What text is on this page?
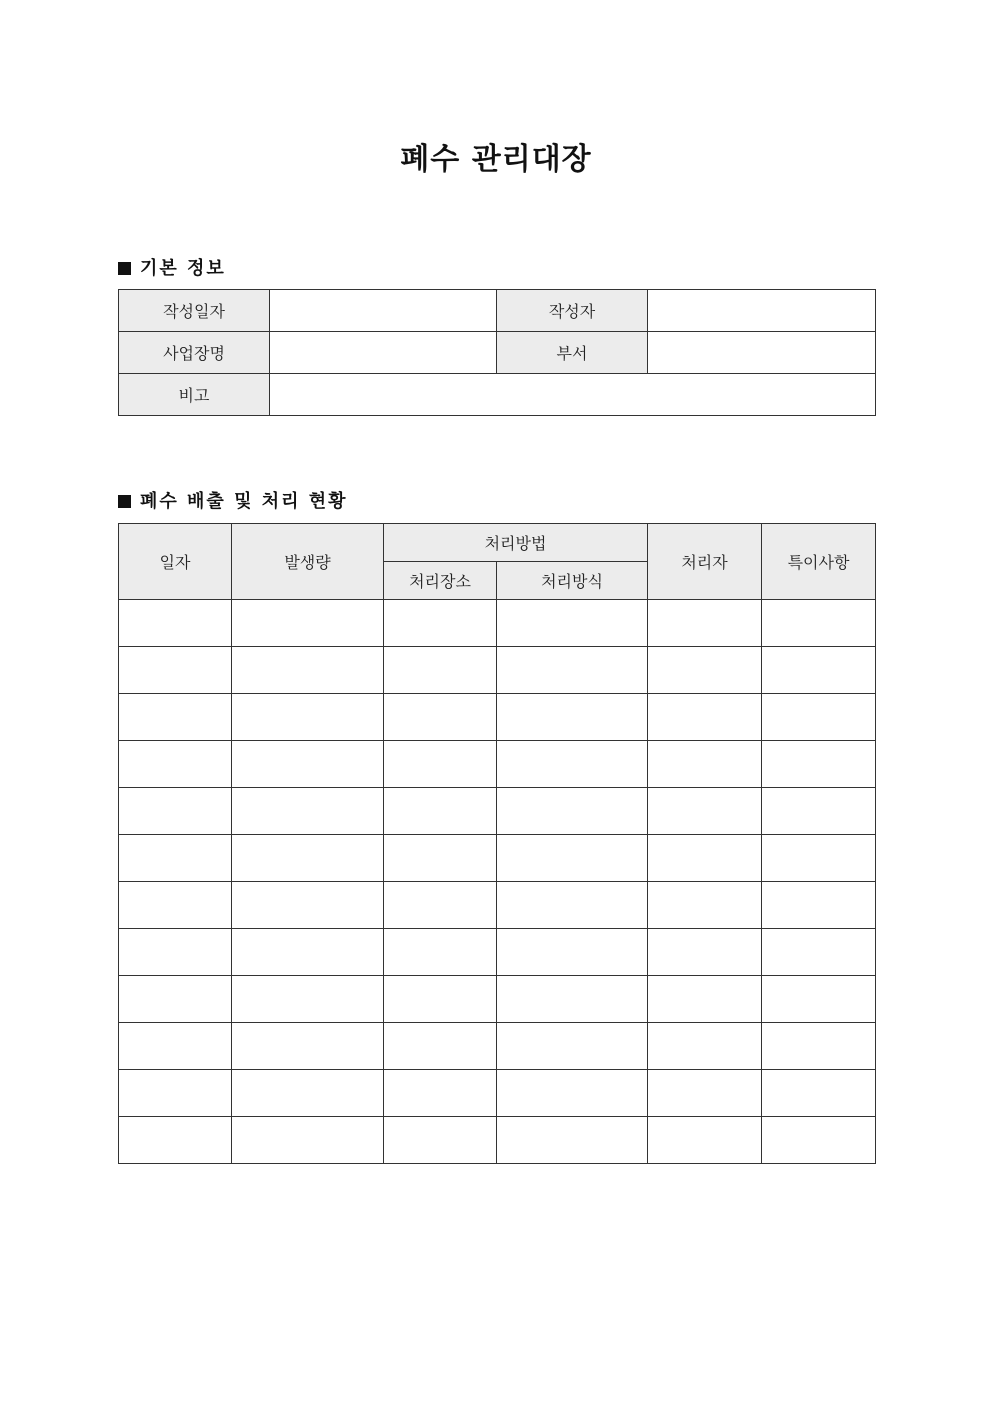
폐수 관리대장
기본 정보
작성일자		작성자	
사업장명		부서	
비고			
폐수 배출 및 처리 현황
일자	발생량	처리방법		처리자	특이사항
		처리장소	처리방식		
